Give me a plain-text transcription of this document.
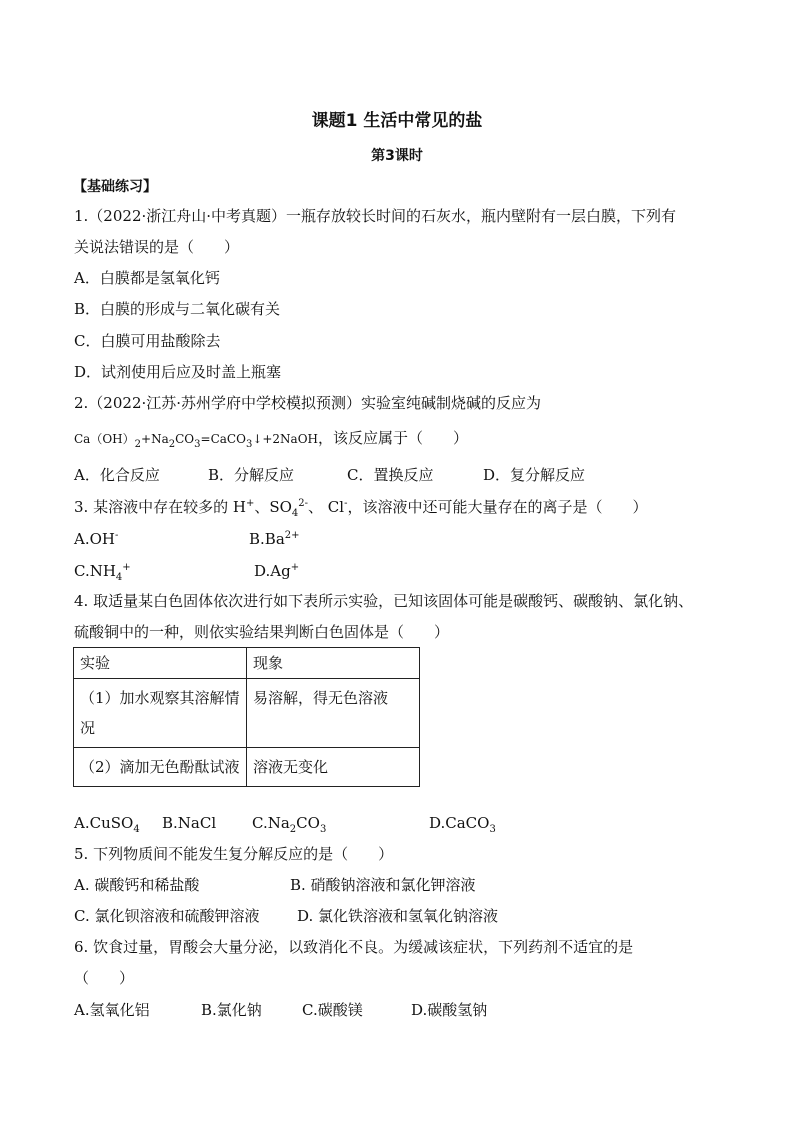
课题1 生活中常见的盐
第3课时
【基础练习】
1.（2022·浙江舟山·中考真题）一瓶存放较长时间的石灰水，瓶内壁附有一层白膜，下列有
关说法错误的是（　　）
A．白膜都是氢氧化钙
B．白膜的形成与二氧化碳有关
C．白膜可用盐酸除去
D．试剂使用后应及时盖上瓶塞
2.（2022·江苏·苏州学府中学校模拟预测）实验室纯碱制烧碱的反应为
$Ca(OH)_2+Na_2CO_3=CaCO_3↓+2NaOH$，该反应属于（　　）
A．化合反应	B．分解反应	C．置换反应	D．复分解反应
3. 某溶液中存在较多的 H+、$SO_4^{2-}$、 Cl-，该溶液中还可能大量存在的离子是（　　）
A.OH-	$B.Ba^{2+}$
$C.NH_4^+$	D.Ag+
4. 取适量某白色固体依次进行如下表所示实验，已知该固体可能是碳酸钙、碳酸钠、氯化钠、
硫酸铜中的一种，则依实验结果判断白色固体是（　　）
实验	现象
（1）加水观察其溶解情况	易溶解，得无色溶液
（2）滴加无色酚酞试液	溶液无变化
A.CuSO$_4$ B.NaCl $C.Na_2CO_3$	D.CaCO$_3$
5. 下列物质间不能发生复分解反应的是（　　）
A. 碳酸钙和稀盐酸	B. 硝酸钠溶液和氯化钾溶液
C. 氯化钡溶液和硫酸钾溶液	D. 氯化铁溶液和氢氧化钠溶液
6. 饮食过量，胃酸会大量分泌，以致消化不良。为缓减该症状，下列药剂不适宜的是
（　　）
A.氢氧化铝	B.氯化钠	C.碳酸镁	D.碳酸氢钠
